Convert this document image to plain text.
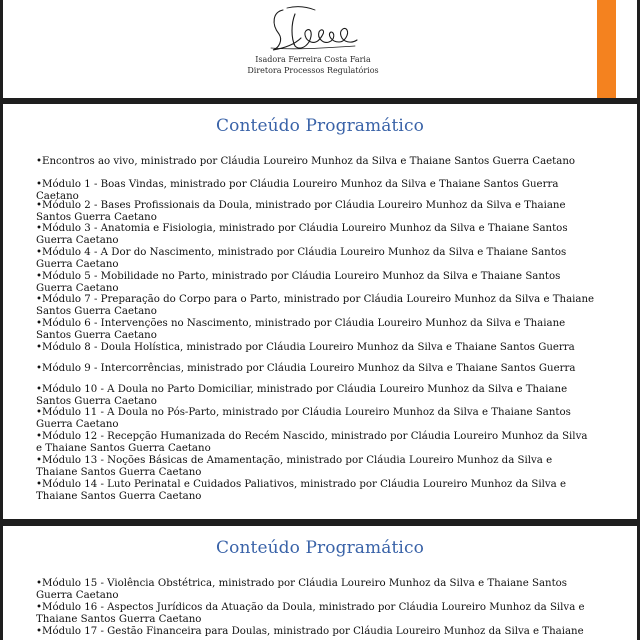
Isadora Ferreira Costa Faria
Diretora Processos Regulatórios
Conteúdo Programático
•Encontros ao vivo, ministrado por Cláudia Loureiro Munhoz da Silva e Thaiane Santos Guerra Caetano
•Módulo 1 - Boas Vindas, ministrado por Cláudia Loureiro Munhoz da Silva e Thaiane Santos Guerra Caetano
•Módulo 2 - Bases Profissionais da Doula, ministrado por Cláudia Loureiro Munhoz da Silva e Thaiane Santos Guerra Caetano
•Módulo 3 - Anatomia e Fisiologia, ministrado por Cláudia Loureiro Munhoz da Silva e Thaiane Santos Guerra Caetano
•Módulo 4 - A Dor do Nascimento, ministrado por Cláudia Loureiro Munhoz da Silva e Thaiane Santos Guerra Caetano
•Módulo 5 - Mobilidade no Parto, ministrado por Cláudia Loureiro Munhoz da Silva e Thaiane Santos Guerra Caetano
•Módulo 7 - Preparação do Corpo para o Parto, ministrado por Cláudia Loureiro Munhoz da Silva e Thaiane Santos Guerra Caetano
•Módulo 6 - Intervenções no Nascimento, ministrado por Cláudia Loureiro Munhoz da Silva e Thaiane Santos Guerra Caetano
•Módulo 8 - Doula Holística, ministrado por Cláudia Loureiro Munhoz da Silva e Thaiane Santos Guerra
•Módulo 9 - Intercorrências, ministrado por Cláudia Loureiro Munhoz da Silva e Thaiane Santos Guerra
•Módulo 10 - A Doula no Parto Domiciliar, ministrado por Cláudia Loureiro Munhoz da Silva e Thaiane Santos Guerra Caetano
•Módulo 11 - A Doula no Pós-Parto, ministrado por Cláudia Loureiro Munhoz da Silva e Thaiane Santos Guerra Caetano
•Módulo 12 - Recepção Humanizada do Recém Nascido, ministrado por Cláudia Loureiro Munhoz da Silva e Thaiane Santos Guerra Caetano
•Módulo 13 - Noções Básicas de Amamentação, ministrado por Cláudia Loureiro Munhoz da Silva e Thaiane Santos Guerra Caetano
•Módulo 14 - Luto Perinatal e Cuidados Paliativos, ministrado por Cláudia Loureiro Munhoz da Silva e Thaiane Santos Guerra Caetano
Conteúdo Programático
•Módulo 15 - Violência Obstétrica, ministrado por Cláudia Loureiro Munhoz da Silva e Thaiane Santos Guerra Caetano
•Módulo 16 - Aspectos Jurídicos da Atuação da Doula, ministrado por Cláudia Loureiro Munhoz da Silva e Thaiane Santos Guerra Caetano
•Módulo 17 - Gestão Financeira para Doulas, ministrado por Cláudia Loureiro Munhoz da Silva e Thaiane
